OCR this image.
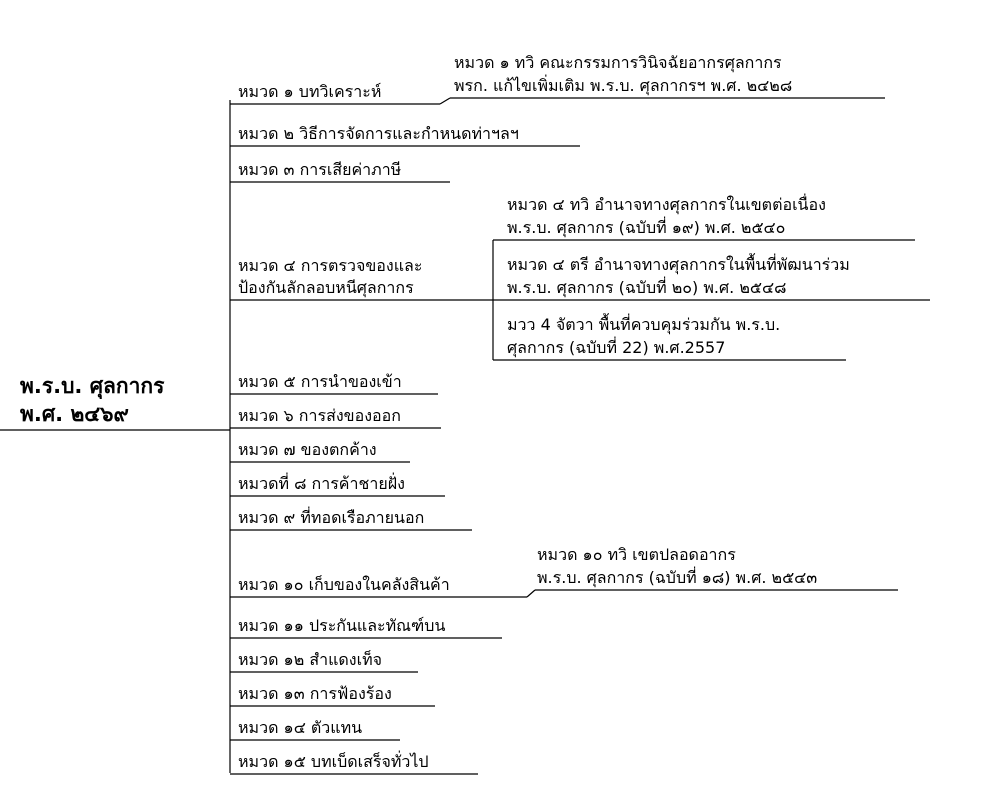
พ.ร.บ. ศุลกากร
พ.ศ. ๒๔๖๙
หมวด ๑ บทวิเคราะห์
หมวด ๒ วิธีการจัดการและกำหนดท่าฯลฯ
หมวด ๓ การเสียค่าภาษี
หมวด ๔ การตรวจของและ
ป้องกันลักลอบหนีศุลกากร
หมวด ๕ การนำของเข้า
หมวด ๖ การส่งของออก
หมวด ๗ ของตกค้าง
หมวดที่ ๘ การค้าชายฝั่ง
หมวด ๙ ที่ทอดเรือภายนอก
หมวด ๑๐ เก็บของในคลังสินค้า
หมวด ๑๑ ประกันและทัณฑ์บน
หมวด ๑๒ สำแดงเท็จ
หมวด ๑๓ การฟ้องร้อง
หมวด ๑๔ ตัวแทน
หมวด ๑๕ บทเบ็ดเสร็จทั่วไป
หมวด ๑ ทวิ คณะกรรมการวินิจฉัยอากรศุลกากร
พรก. แก้ไขเพิ่มเติม พ.ร.บ. ศุลกากรฯ พ.ศ. ๒๔๒๘
หมวด ๔ ทวิ อำนาจทางศุลกากรในเขตต่อเนื่อง
พ.ร.บ. ศุลกากร (ฉบับที่ ๑๙) พ.ศ. ๒๕๔๐
หมวด ๔ ตรี อำนาจทางศุลกากรในพื้นที่พัฒนาร่วม
พ.ร.บ. ศุลกากร (ฉบับที่ ๒๐) พ.ศ. ๒๕๔๘
มวว 4 จัตวา พื้นที่ควบคุมร่วมกัน พ.ร.บ.
ศุลกากร (ฉบับที่ 22) พ.ศ.2557
หมวด ๑๐ ทวิ เขตปลอดอากร
พ.ร.บ. ศุลกากร (ฉบับที่ ๑๘) พ.ศ. ๒๕๔๓
